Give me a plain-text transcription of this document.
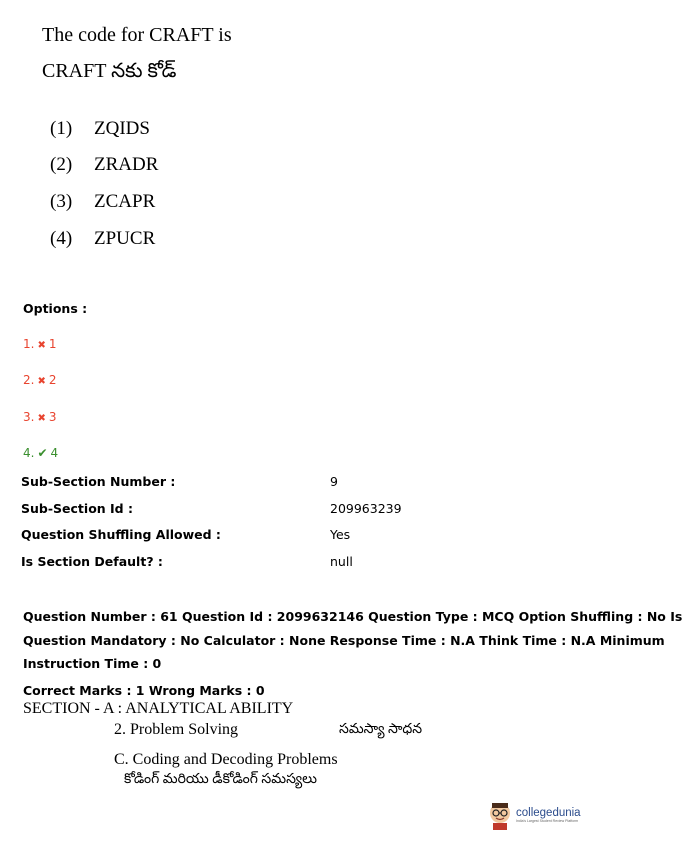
The code for CRAFT is
CRAFT నకు కోడ్
(1) ZQIDS
(2) ZRADR
(3) ZCAPR
(4) ZPUCR
Options :
1. ✖ 1
2. ✖ 2
3. ✖ 3
4. ✔ 4
Sub-Section Number :	9
Sub-Section Id :	209963239
Question Shuffling Allowed :	Yes
Is Section Default? :	null
Question Number : 61 Question Id : 2099632146 Question Type : MCQ Option Shuffling : No Is
Question Mandatory : No Calculator : None Response Time : N.A Think Time : N.A Minimum
Instruction Time : 0
Correct Marks : 1 Wrong Marks : 0
SECTION - A : ANALYTICAL ABILITY
2. Problem Solving	సమస్యా సాధన
C. Coding and Decoding Problems
కోడింగ్ మరియు డీకోడింగ్ సమస్యలు
collegedunia
India's Largest Student Review Platform
